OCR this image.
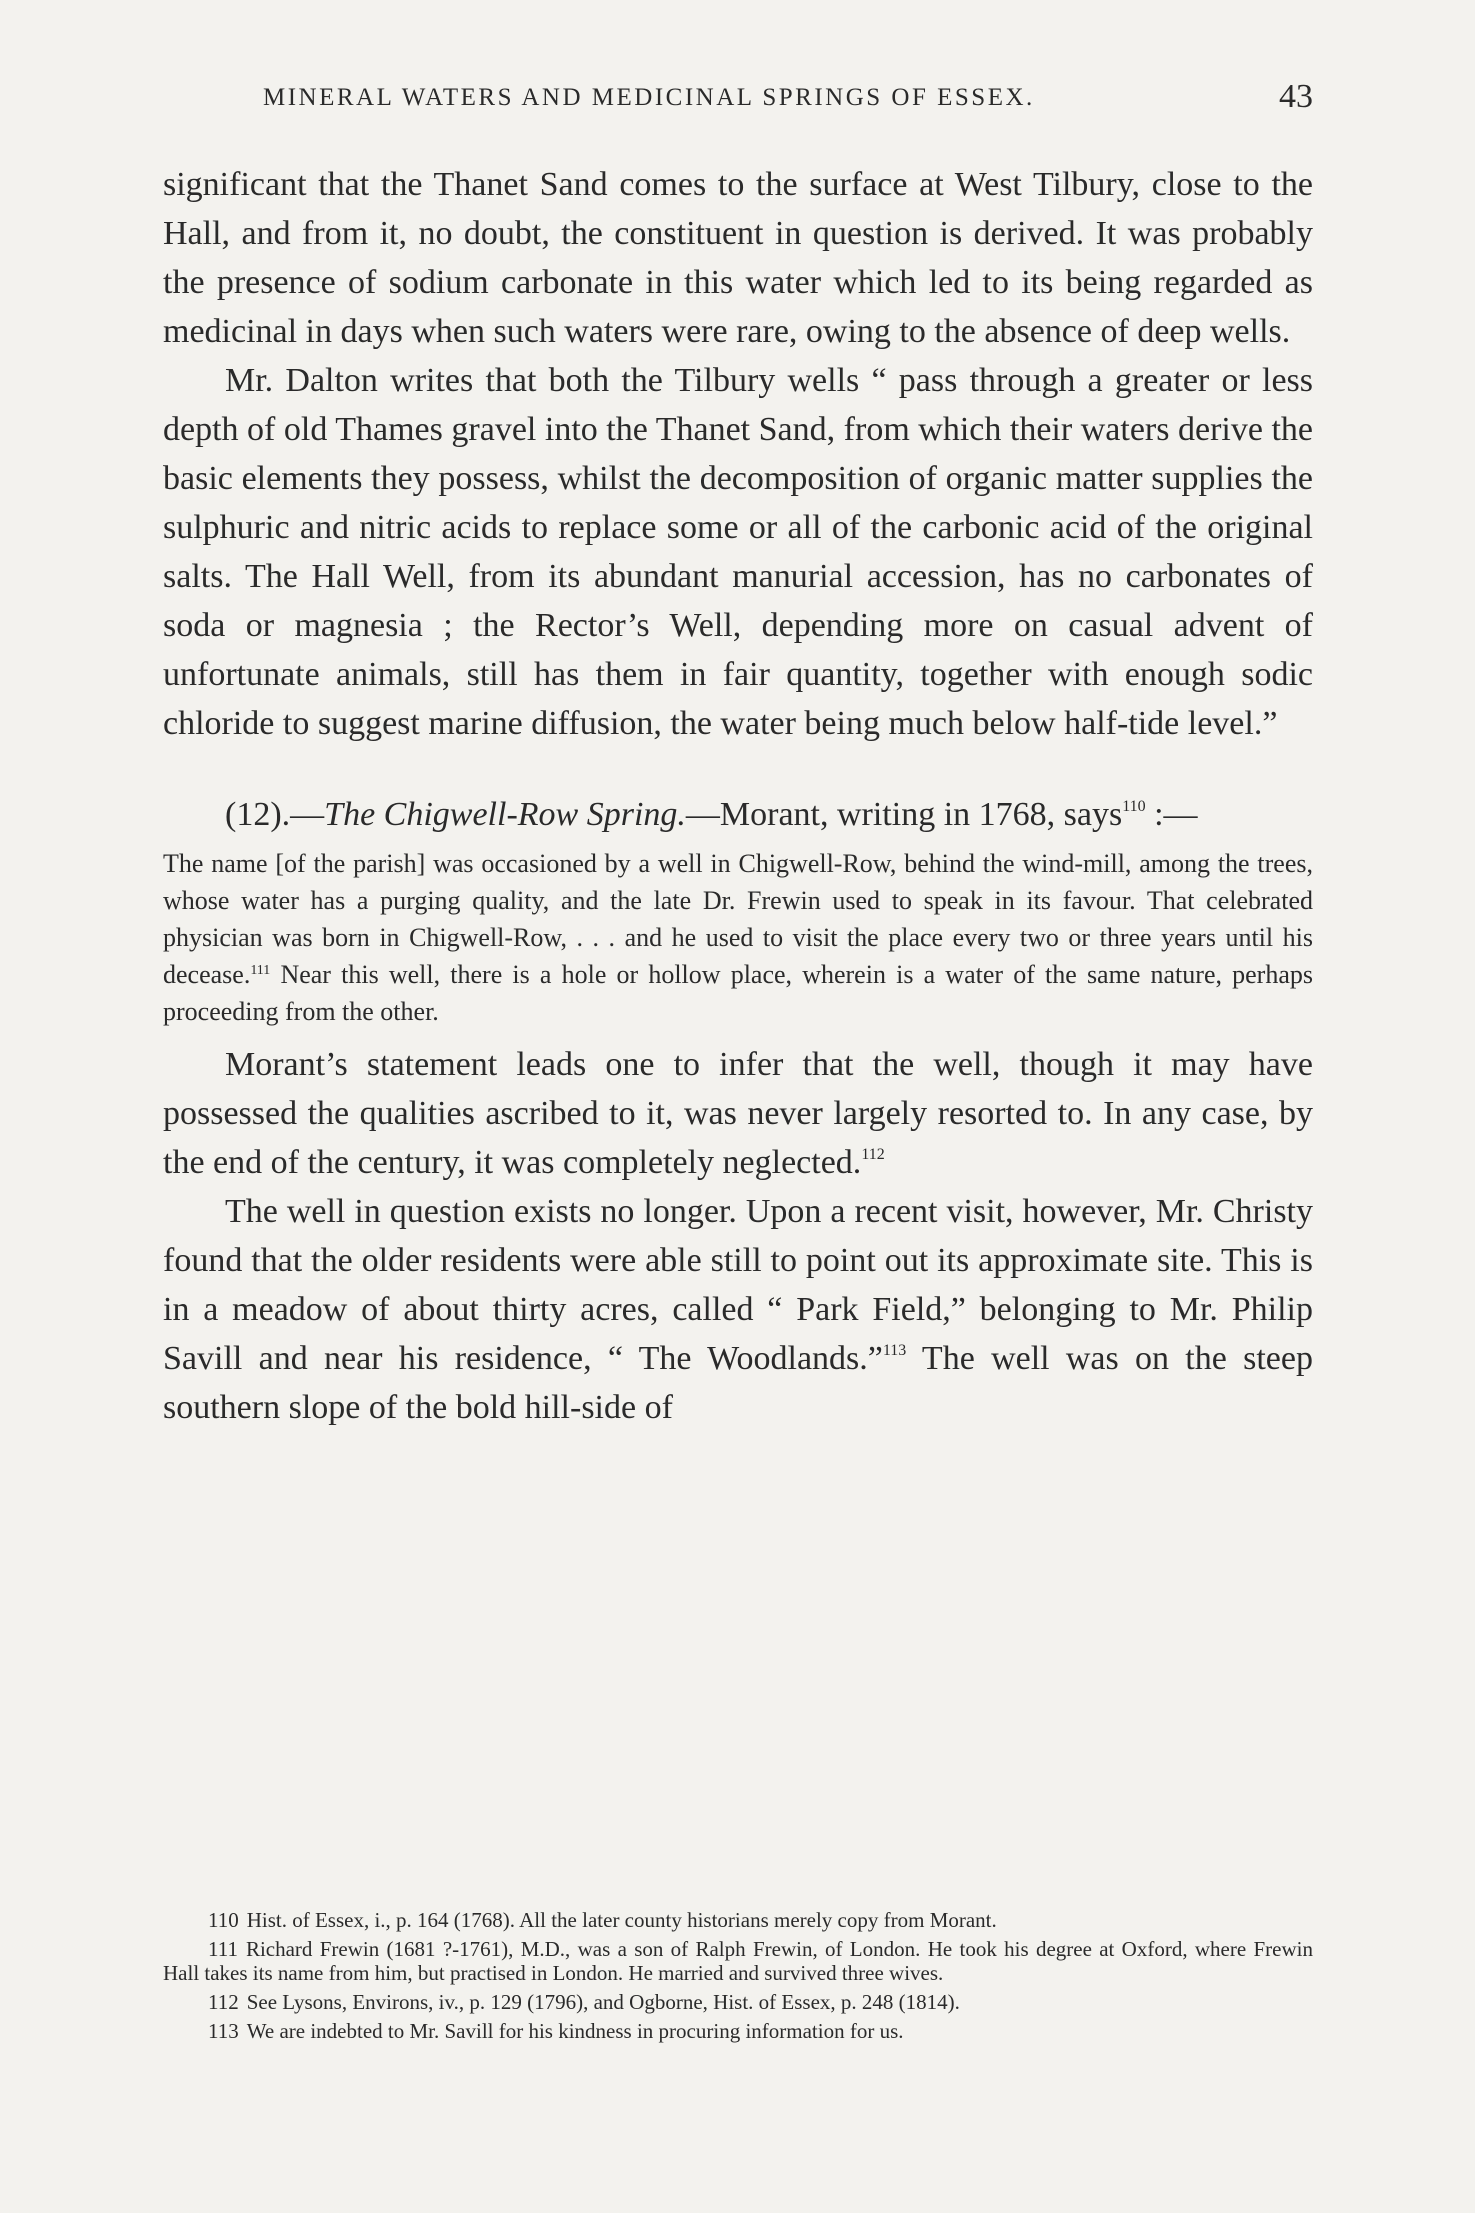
MINERAL WATERS AND MEDICINAL SPRINGS OF ESSEX.	43

significant that the Thanet Sand comes to the surface at West Tilbury, close to the Hall, and from it, no doubt, the constituent in question is derived. It was probably the presence of sodium carbonate in this water which led to its being regarded as medicinal in days when such waters were rare, owing to the absence of deep wells.

Mr. Dalton writes that both the Tilbury wells “ pass through a greater or less depth of old Thames gravel into the Thanet Sand, from which their waters derive the basic elements they possess, whilst the decomposition of organic matter supplies the sulphuric and nitric acids to replace some or all of the carbonic acid of the original salts. The Hall Well, from its abundant manurial accession, has no carbonates of soda or magnesia ; the Rector’s Well, depending more on casual advent of unfortunate animals, still has them in fair quantity, together with enough sodic chloride to suggest marine diffusion, the water being much below half-tide level.”

(12).—The Chigwell-Row Spring.—Morant, writing in 1768, says$^{110}$ :—

The name [of the parish] was occasioned by a well in Chigwell-Row, behind the wind-mill, among the trees, whose water has a purging quality, and the late Dr. Frewin used to speak in its favour. That celebrated physician was born in Chigwell-Row, . . . and he used to visit the place every two or three years until his decease.$^{111}$ Near this well, there is a hole or hollow place, wherein is a water of the same nature, perhaps proceeding from the other.

Morant’s statement leads one to infer that the well, though it may have possessed the qualities ascribed to it, was never largely resorted to. In any case, by the end of the century, it was completely neglected.$^{112}$

The well in question exists no longer. Upon a recent visit, however, Mr. Christy found that the older residents were able still to point out its approximate site. This is in a meadow of about thirty acres, called “ Park Field,” belonging to Mr. Philip Savill and near his residence, “ The Woodlands.”$^{113}$ The well was on the steep southern slope of the bold hill-side of

110 Hist. of Essex, i., p. 164 (1768). All the later county historians merely copy from Morant.

111 Richard Frewin (1681 ?-1761), M.D., was a son of Ralph Frewin, of London. He took his degree at Oxford, where Frewin Hall takes its name from him, but practised in London. He married and survived three wives.

112 See Lysons, Environs, iv., p. 129 (1796), and Ogborne, Hist. of Essex, p. 248 (1814).

113 We are indebted to Mr. Savill for his kindness in procuring information for us.
